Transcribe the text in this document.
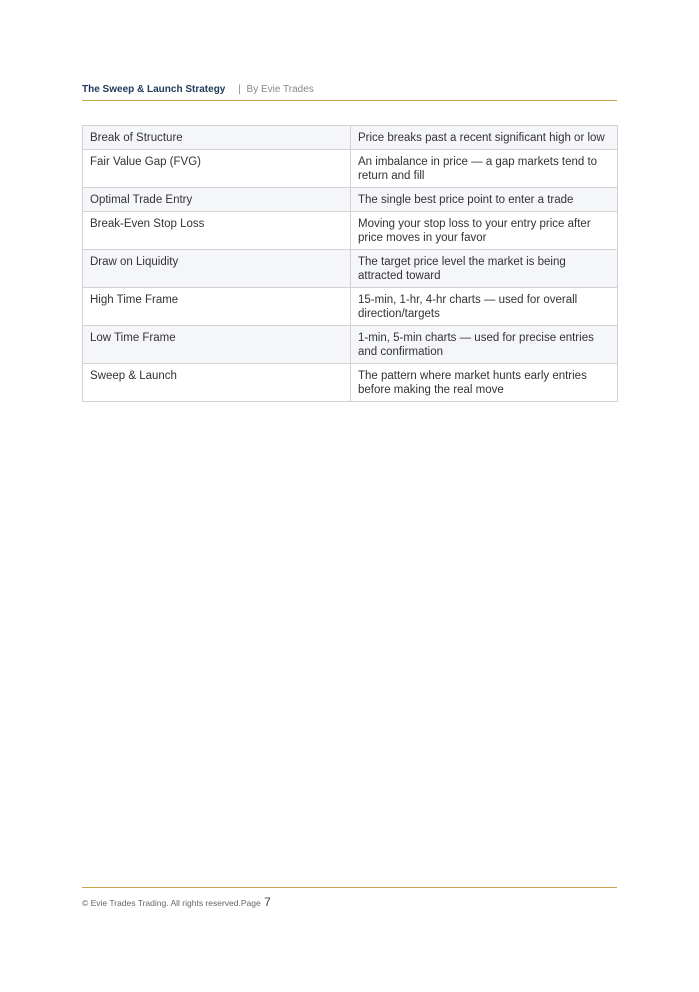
The Sweep & Launch Strategy | By Evie Trades
Break of Structure	Price breaks past a recent significant high or low
Fair Value Gap (FVG)	An imbalance in price — a gap markets tend to return and fill
Optimal Trade Entry	The single best price point to enter a trade
Break-Even Stop Loss	Moving your stop loss to your entry price after price moves in your favor
Draw on Liquidity	The target price level the market is being attracted toward
High Time Frame	15-min, 1-hr, 4-hr charts — used for overall direction/targets
Low Time Frame	1-min, 5-min charts — used for precise entries and confirmation
Sweep & Launch	The pattern where market hunts early entries before making the real move
© Evie Trades Trading. All rights reserved.Page 7
